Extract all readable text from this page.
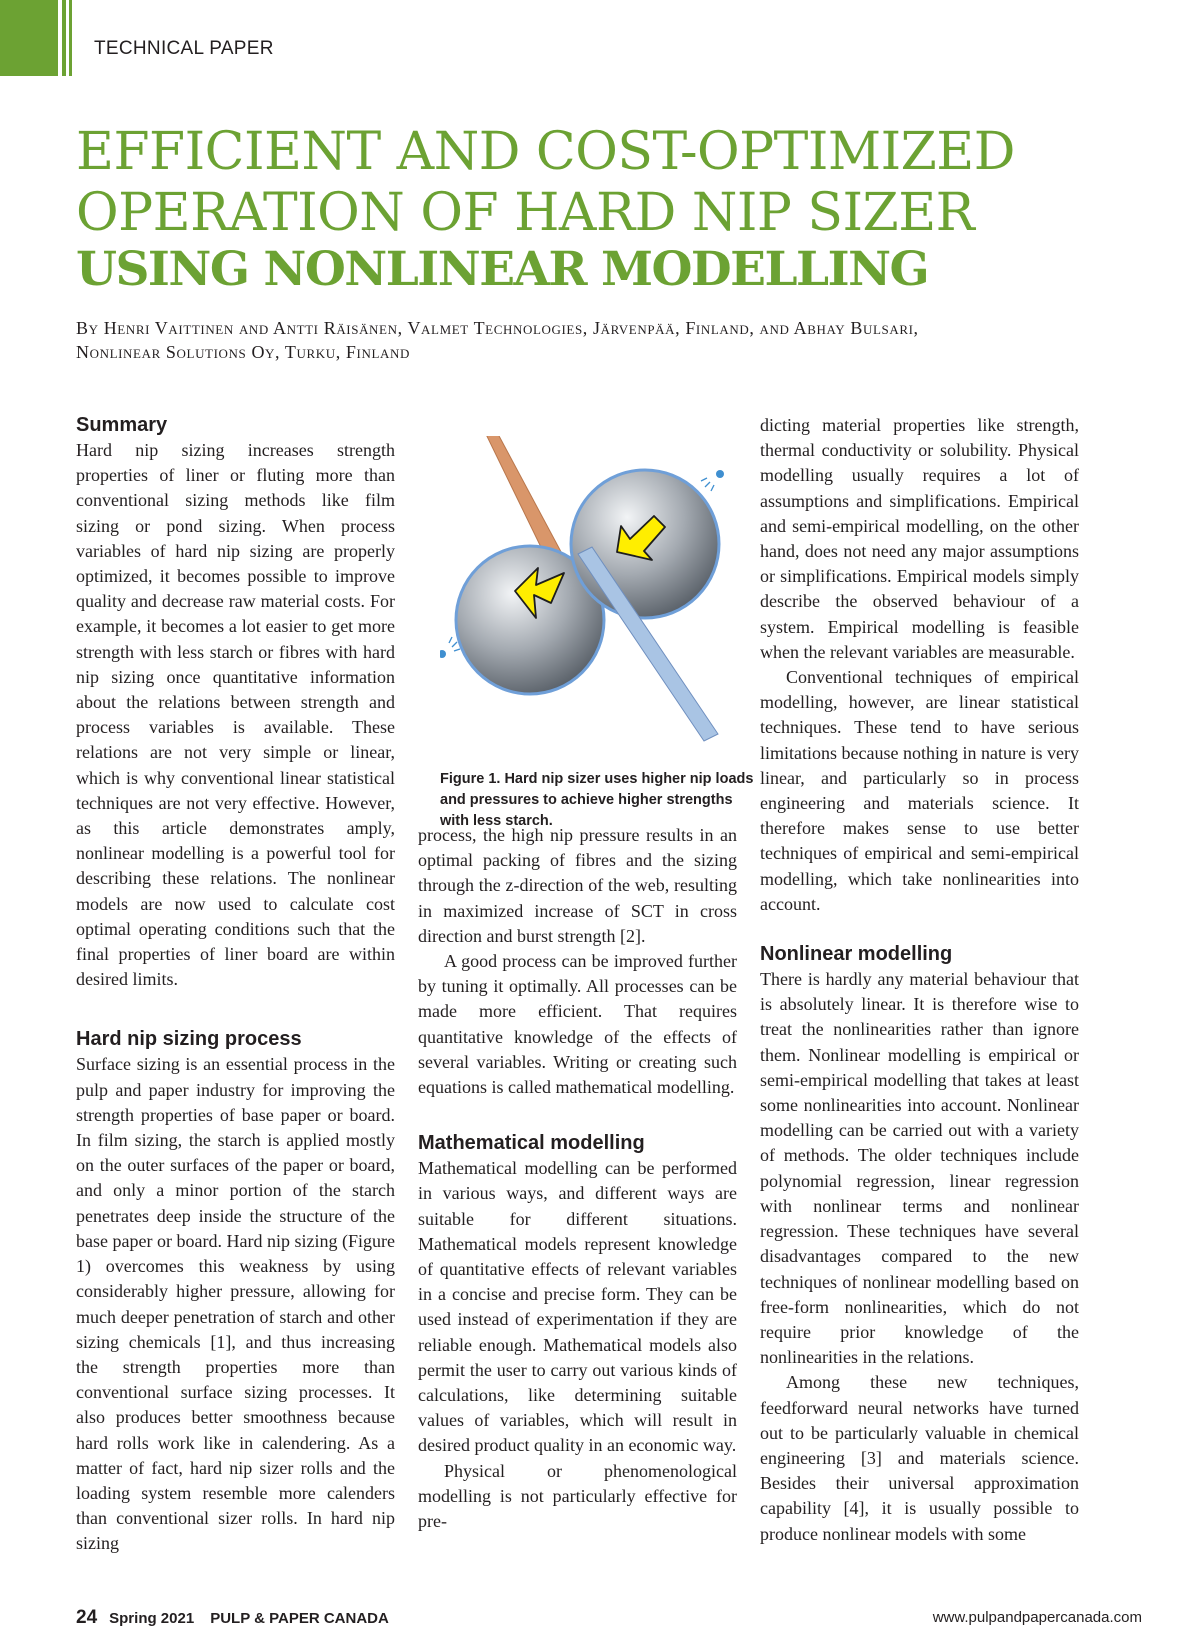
TECHNICAL PAPER
EFFICIENT AND COST-OPTIMIZED
OPERATION OF HARD NIP SIZER
USING NONLINEAR MODELLING
By Henri Vaittinen and Antti Räisänen, Valmet Technologies, Järvenpää, Finland, and Abhay Bulsari,
Nonlinear Solutions Oy, Turku, Finland
Summary

Hard nip sizing increases strength properties of liner or fluting more than conventional sizing methods like film sizing or pond sizing. When process variables of hard nip sizing are properly optimized, it becomes possible to improve quality and decrease raw material costs. For example, it becomes a lot easier to get more strength with less starch or fibres with hard nip sizing once quantitative information about the relations between strength and process variables is available. These relations are not very simple or linear, which is why conventional linear statistical techniques are not very effective. However, as this article demonstrates amply, nonlinear modelling is a powerful tool for describing these relations. The nonlinear models are now used to calculate cost optimal operating conditions such that the final properties of liner board are within desired limits.

Hard nip sizing process

Surface sizing is an essential process in the pulp and paper industry for improving the strength properties of base paper or board. In film sizing, the starch is applied mostly on the outer surfaces of the paper or board, and only a minor portion of the starch penetrates deep inside the structure of the base paper or board. Hard nip sizing (Figure 1) overcomes this weakness by using considerably higher pressure, allowing for much deeper penetration of starch and other sizing chemicals [1], and thus increasing the strength properties more than conventional surface sizing processes. It also produces better smoothness because hard rolls work like in calendering. As a matter of fact, hard nip sizer rolls and the loading system resemble more calenders than conventional sizer rolls. In hard nip sizing

Figure 1. Hard nip sizer uses higher nip loads and pressures to achieve higher strengths with less starch.

process, the high nip pressure results in an optimal packing of fibres and the sizing through the z-direction of the web, resulting in maximized increase of SCT in cross direction and burst strength [2].

A good process can be improved further by tuning it optimally. All processes can be made more efficient. That requires quantitative knowledge of the effects of several variables. Writing or creating such equations is called mathematical modelling.

Mathematical modelling

Mathematical modelling can be performed in various ways, and different ways are suitable for different situations. Mathematical models represent knowledge of quantitative effects of relevant variables in a concise and precise form. They can be used instead of experimentation if they are reliable enough. Mathematical models also permit the user to carry out various kinds of calculations, like determining suitable values of variables, which will result in desired product quality in an economic way.

Physical or phenomenological modelling is not particularly effective for pre-

dicting material properties like strength, thermal conductivity or solubility. Physical modelling usually requires a lot of assumptions and simplifications. Empirical and semi-empirical modelling, on the other hand, does not need any major assumptions or simplifications. Empirical models simply describe the observed behaviour of a system. Empirical modelling is feasible when the relevant variables are measurable.

Conventional techniques of empirical modelling, however, are linear statistical techniques. These tend to have serious limitations because nothing in nature is very linear, and particularly so in process engineering and materials science. It therefore makes sense to use better techniques of empirical and semi-empirical modelling, which take nonlinearities into account.

Nonlinear modelling

There is hardly any material behaviour that is absolutely linear. It is therefore wise to treat the nonlinearities rather than ignore them. Nonlinear modelling is empirical or semi-empirical modelling that takes at least some nonlinearities into account. Nonlinear modelling can be carried out with a variety of methods. The older techniques include polynomial regression, linear regression with nonlinear terms and nonlinear regression. These techniques have several disadvantages compared to the new techniques of nonlinear modelling based on free-form nonlinearities, which do not require prior knowledge of the nonlinearities in the relations.

Among these new techniques, feedforward neural networks have turned out to be particularly valuable in chemical engineering [3] and materials science. Besides their universal approximation capability [4], it is usually possible to produce nonlinear models with some

24 Spring 2021 PULP & PAPER CANADA	www.pulpandpapercanada.com
